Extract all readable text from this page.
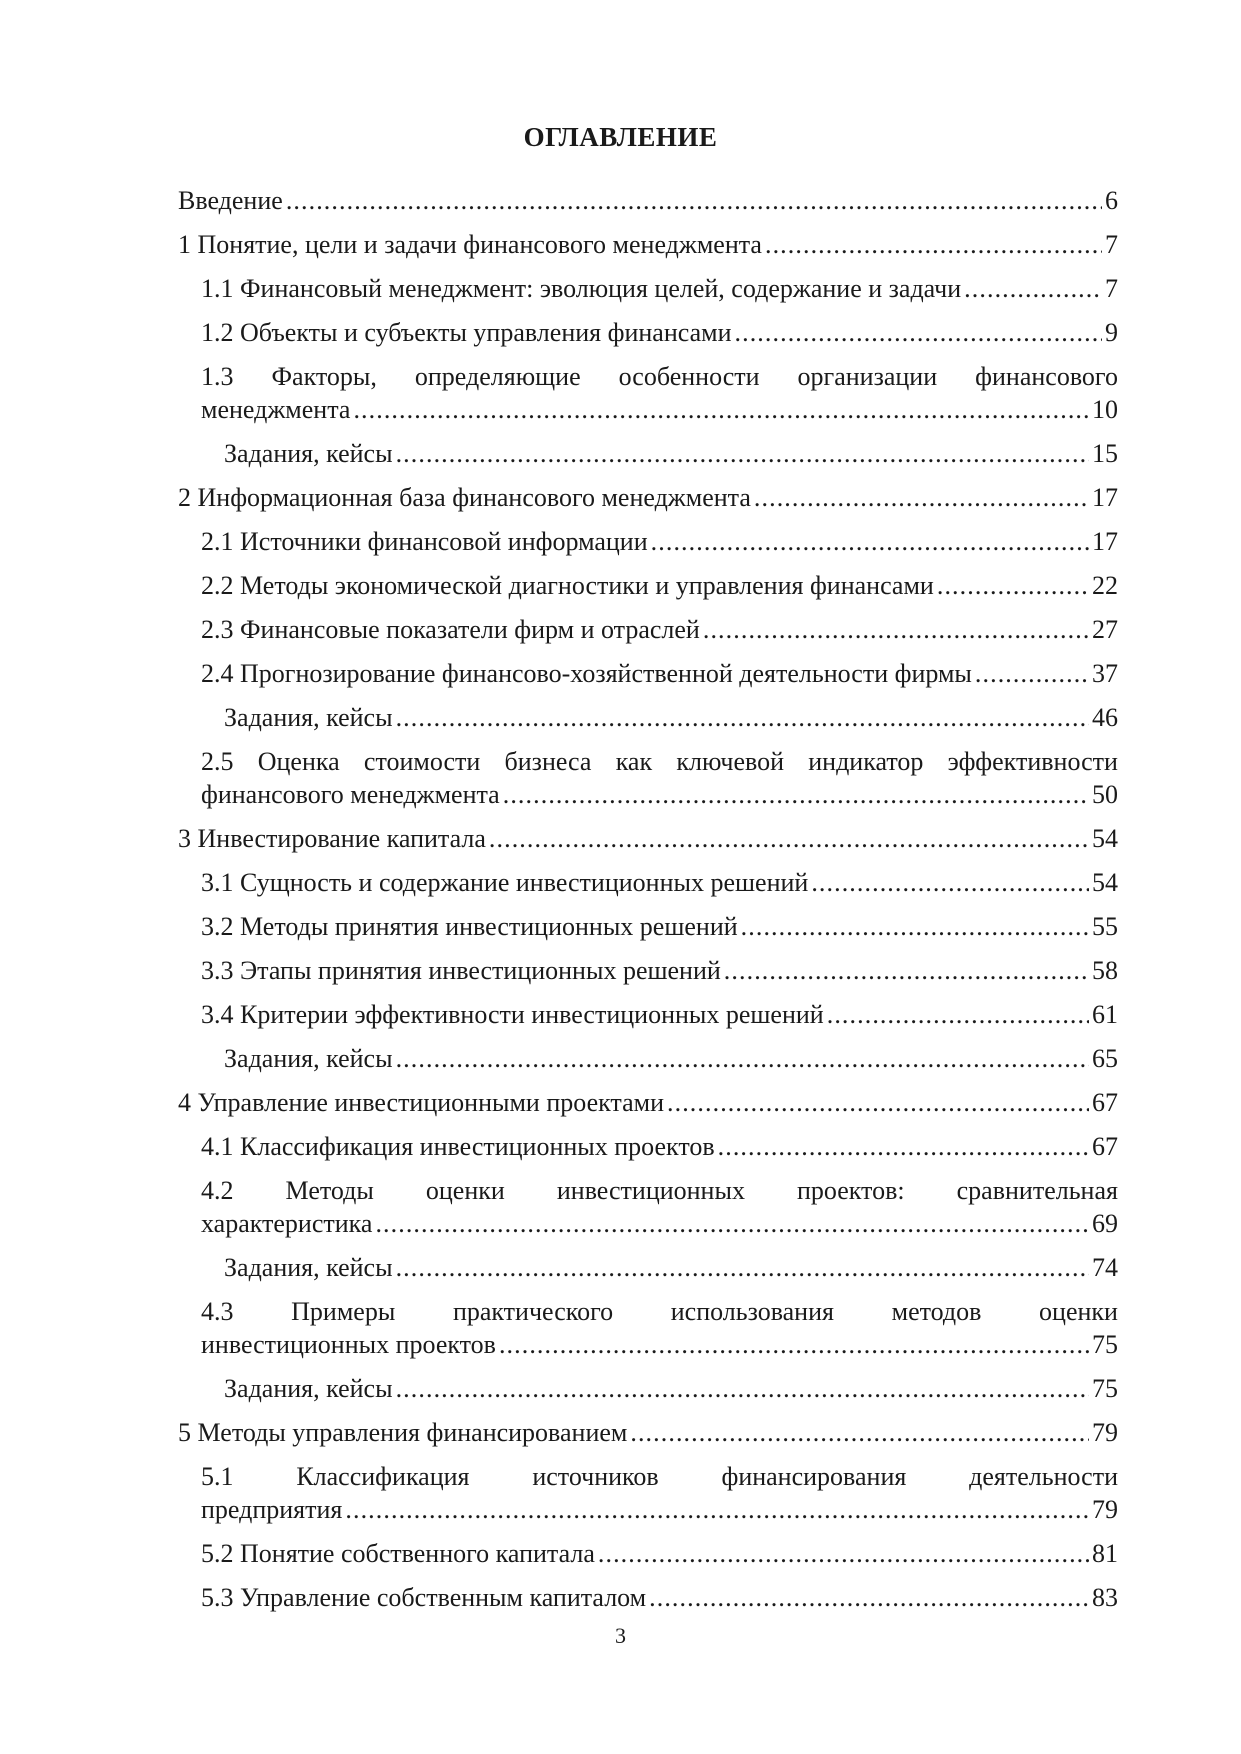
ОГЛАВЛЕНИЕ
Введение .....	6
1 Понятие, цели и задачи финансового менеджмента .....	7
1.1 Финансовый менеджмент: эволюция целей, содержание и задачи .....	7
1.2 Объекты и субъекты управления финансами .....	9
1.3 Факторы, определяющие особенности организации финансового
менеджмента .....	10
Задания, кейсы .....	15
2 Информационная база финансового менеджмента .....	17
2.1 Источники финансовой информации .....	17
2.2 Методы экономической диагностики и управления финансами .....	22
2.3 Финансовые показатели фирм и отраслей .....	27
2.4 Прогнозирование финансово-хозяйственной деятельности фирмы .....	37
Задания, кейсы .....	46
2.5 Оценка стоимости бизнеса как ключевой индикатор эффективности
финансового менеджмента .....	50
3 Инвестирование капитала .....	54
3.1 Сущность и содержание инвестиционных решений .....	54
3.2 Методы принятия инвестиционных решений .....	55
3.3 Этапы принятия инвестиционных решений .....	58
3.4 Критерии эффективности инвестиционных решений .....	61
Задания, кейсы .....	65
4 Управление инвестиционными проектами .....	67
4.1 Классификация инвестиционных проектов .....	67
4.2 Методы оценки инвестиционных проектов: сравнительная
характеристика .....	69
Задания, кейсы .....	74
4.3 Примеры практического использования методов оценки
инвестиционных проектов .....	75
Задания, кейсы .....	75
5 Методы управления финансированием .....	79
5.1 Классификация источников финансирования деятельности
предприятия .....	79
5.2 Понятие собственного капитала .....	81
5.3 Управление собственным капиталом .....	83
3
